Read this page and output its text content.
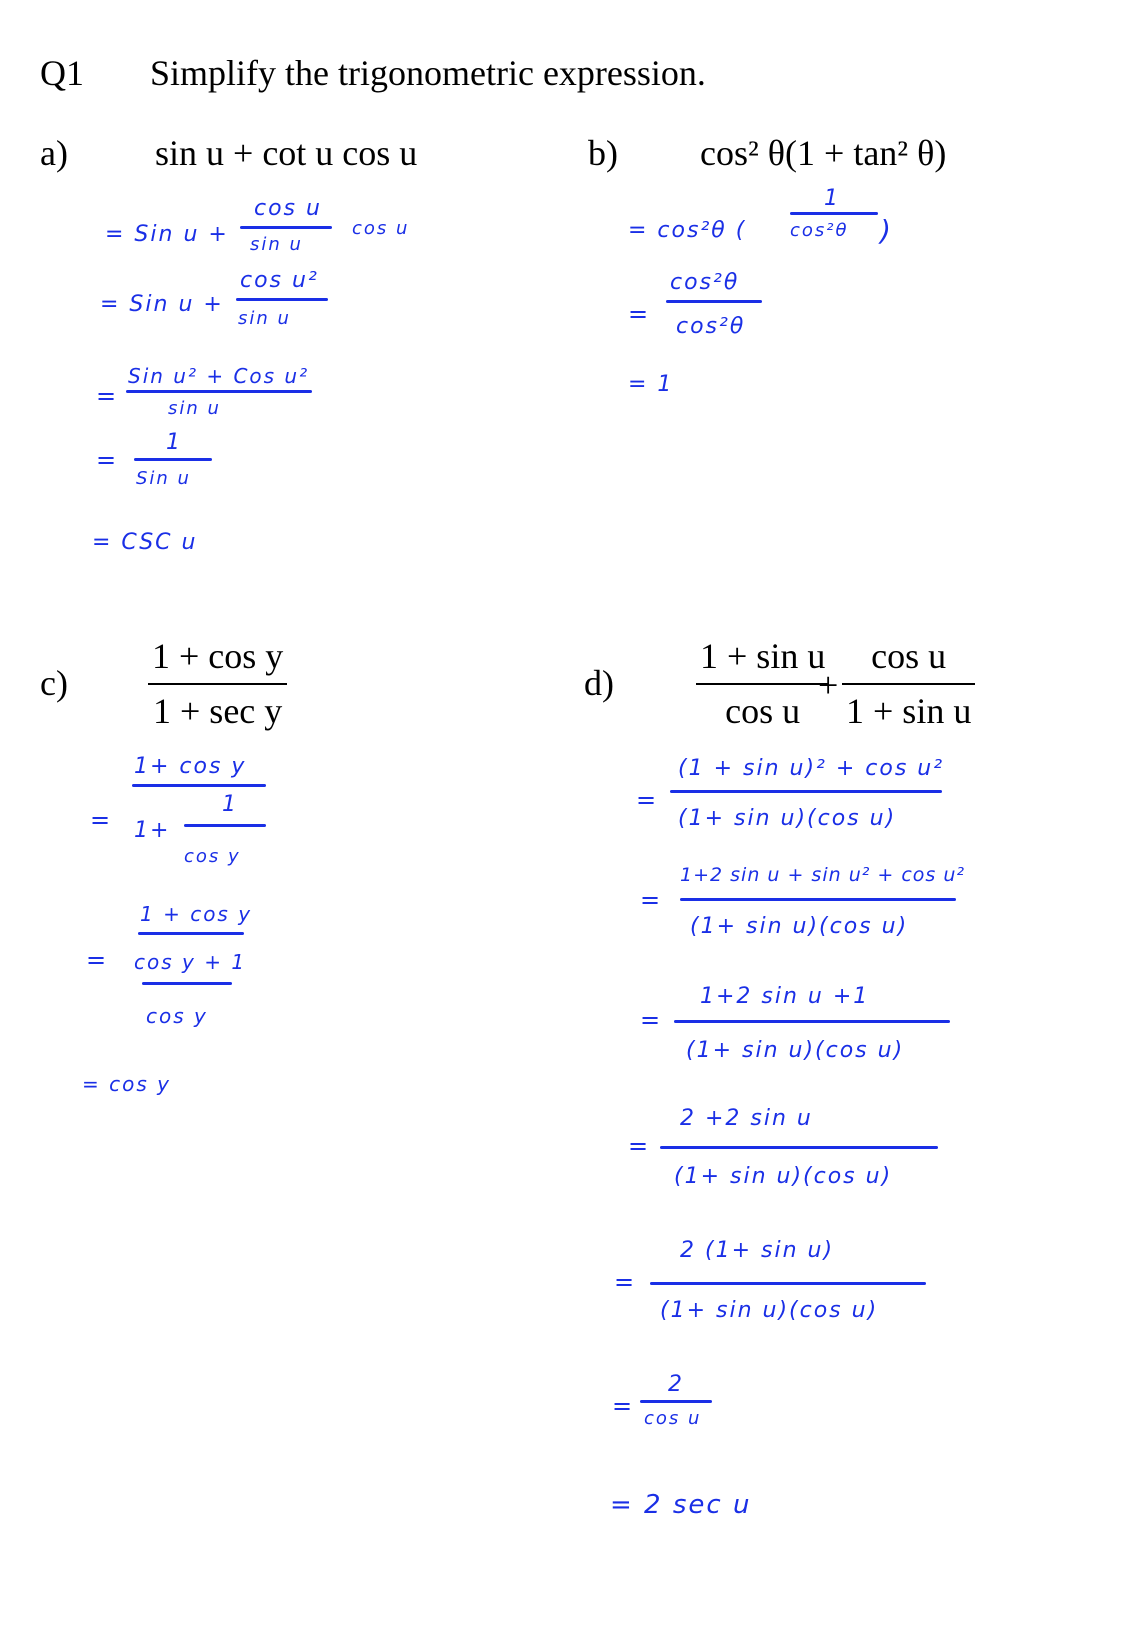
Q1 Simplify the trigonometric expression.
a) sin u + cot u cos u
= Sin u +
cos u
sin u
cos u
= Sin u +
cos u²
sin u
=
Sin u² + Cos u²
sin u
=
1
Sin u
= CSC u
b) cos² θ(1 + tan² θ)
= cos²θ (
1
cos²θ )
=
cos²θ
cos²θ
= 1
c)
1 + cos y
1 + sec y
1+ cos y
= 1+
1
cos y
1 + cos y
= cos y + 1
cos y
= cos y
d)
1 + sin u
cos u
+
cos u
1 + sin u
=
(1 + sin u)² + cos u²
(1+ sin u)(cos u)
=
1+2 sin u + sin u² + cos u²
(1+ sin u)(cos u)
=
1+2 sin u +1
(1+ sin u)(cos u)
=
2 +2 sin u
(1+ sin u)(cos u)
=
2 (1+ sin u)
(1+ sin u)(cos u)
=
2
cos u
= 2 sec u
